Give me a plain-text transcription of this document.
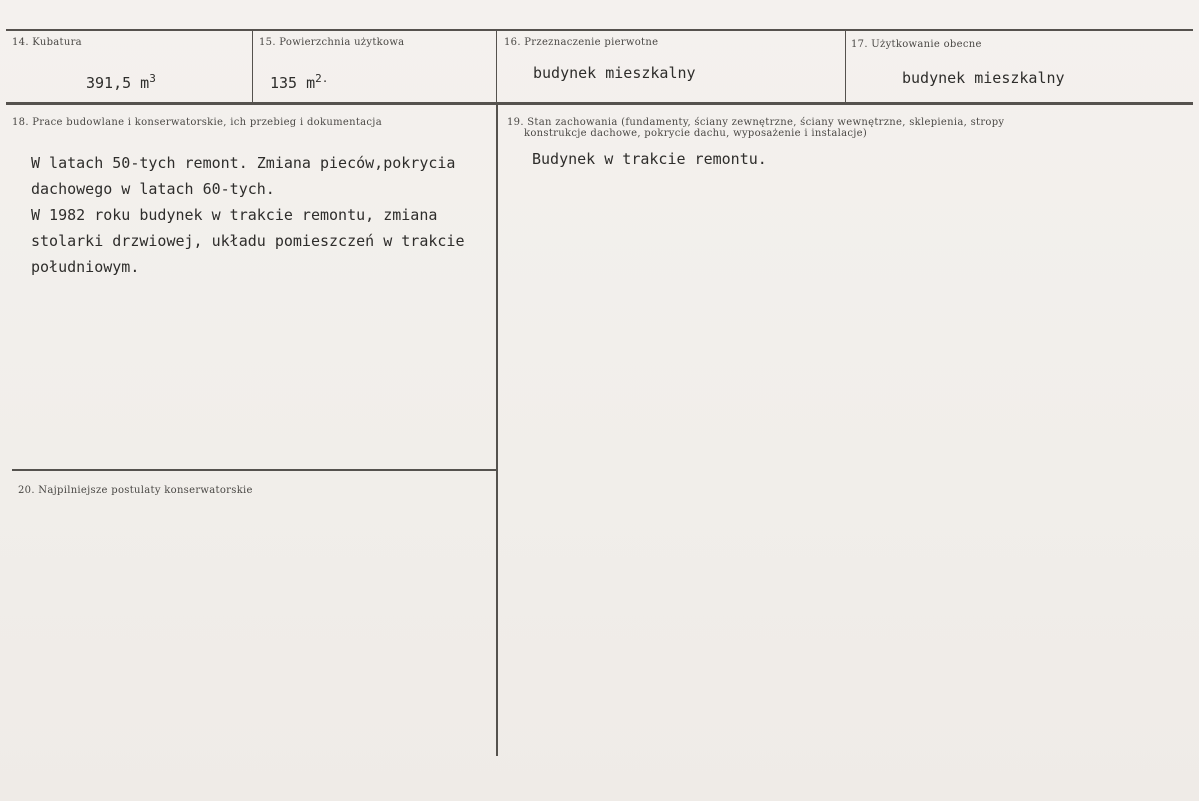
14. Kubatura
391,5 $m^3$
15. Powierzchnia użytkowa
135 $m^{2.}$
16. Przeznaczenie pierwotne
budynek mieszkalny
17. Użytkowanie obecne
budynek mieszkalny
18. Prace budowlane i konserwatorskie, ich przebieg i dokumentacja
W latach 50-tych remont. Zmiana pieców,pokrycia
dachowego w latach 60-tych.
W 1982 roku budynek w trakcie remontu, zmiana
stolarki drzwiowej, układu pomieszczeń w trakcie
południowym.
19. Stan zachowania (fundamenty, ściany zewnętrzne, ściany wewnętrzne, sklepienia, stropy
konstrukcje dachowe, pokrycie dachu, wyposażenie i instalacje)
Budynek w trakcie remontu.
20. Najpilniejsze postulaty konserwatorskie
